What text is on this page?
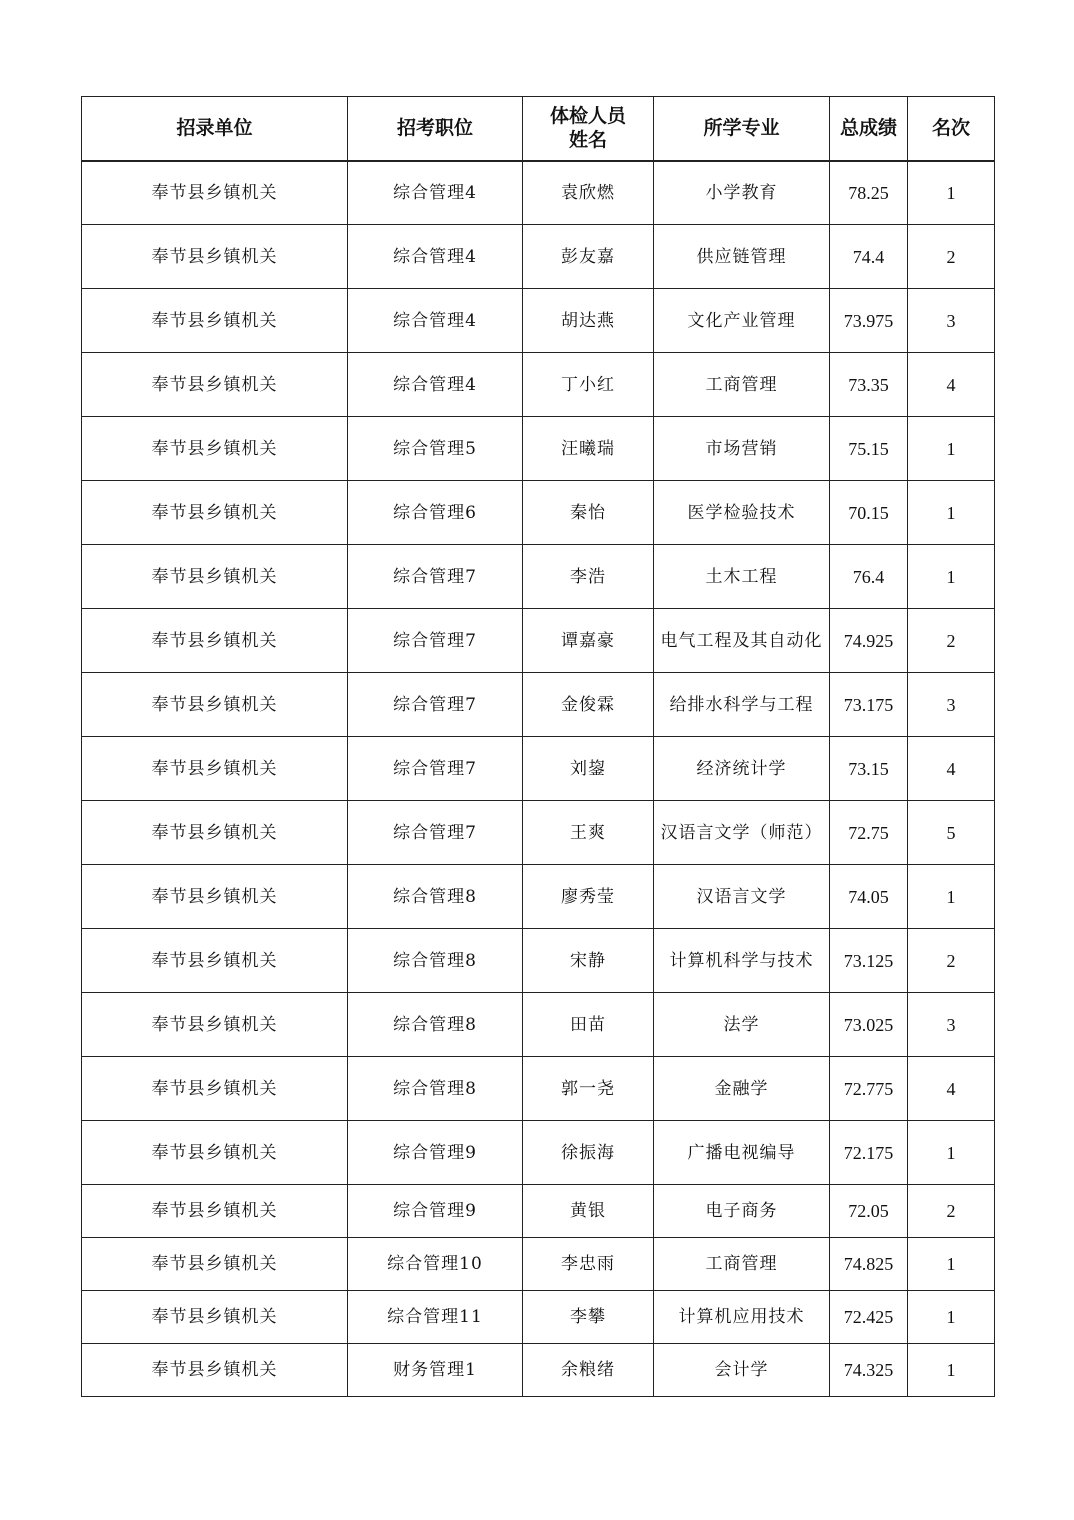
招录单位	招考职位	体检人员姓名	所学专业	总成绩	名次
奉节县乡镇机关	综合管理4	袁欣燃	小学教育	78.25	1
奉节县乡镇机关	综合管理4	彭友嘉	供应链管理	74.4	2
奉节县乡镇机关	综合管理4	胡达燕	文化产业管理	73.975	3
奉节县乡镇机关	综合管理4	丁小红	工商管理	73.35	4
奉节县乡镇机关	综合管理5	汪曦瑞	市场营销	75.15	1
奉节县乡镇机关	综合管理6	秦怡	医学检验技术	70.15	1
奉节县乡镇机关	综合管理7	李浩	土木工程	76.4	1
奉节县乡镇机关	综合管理7	谭嘉豪	电气工程及其自动化	74.925	2
奉节县乡镇机关	综合管理7	金俊霖	给排水科学与工程	73.175	3
奉节县乡镇机关	综合管理7	刘鋆	经济统计学	73.15	4
奉节县乡镇机关	综合管理7	王爽	汉语言文学（师范）	72.75	5
奉节县乡镇机关	综合管理8	廖秀莹	汉语言文学	74.05	1
奉节县乡镇机关	综合管理8	宋静	计算机科学与技术	73.125	2
奉节县乡镇机关	综合管理8	田苗	法学	73.025	3
奉节县乡镇机关	综合管理8	郭一尧	金融学	72.775	4
奉节县乡镇机关	综合管理9	徐振海	广播电视编导	72.175	1
奉节县乡镇机关	综合管理9	黄银	电子商务	72.05	2
奉节县乡镇机关	综合管理10	李忠雨	工商管理	74.825	1
奉节县乡镇机关	综合管理11	李攀	计算机应用技术	72.425	1
奉节县乡镇机关	财务管理1	余粮绪	会计学	74.325	1
